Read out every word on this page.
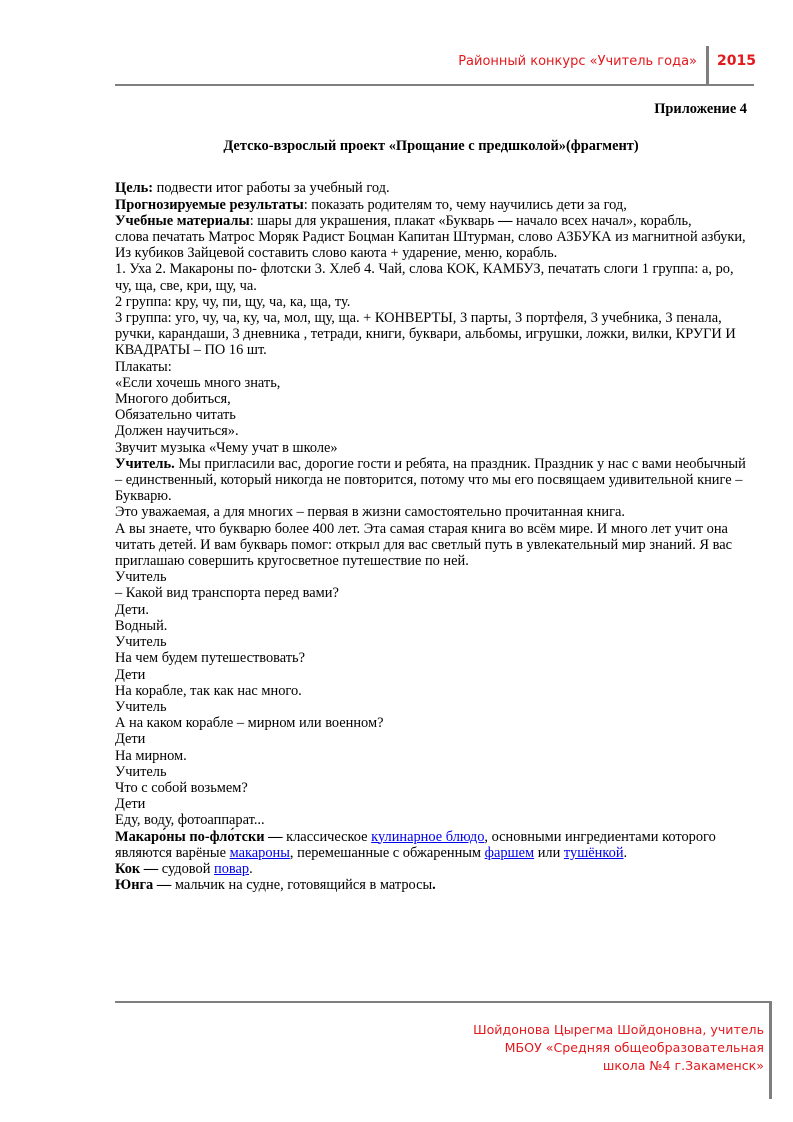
Районный конкурс «Учитель года» 2015

Приложение 4

Детско-взрослый проект «Прощание с предшколой»(фрагмент)

Цель: подвести итог работы за учебный год.

Прогнозируемые результаты: показать родителям то, чему научились дети за год,

Учебные материалы: шары для украшения, плакат «Букварь — начало всех начал», корабль,

слова печатать Матрос Моряк Радист Боцман Капитан Штурман, слово АЗБУКА из магнитной азбуки, Из кубиков Зайцевой составить слово каюта + ударение, меню, корабль.

1. Уха 2. Макароны по- флотски 3. Хлеб 4. Чай, слова КОК, КАМБУЗ, печатать слоги 1 группа: а, ро, чу, ща, све, кри, щу, ча.

2 группа: кру, чу, пи, щу, ча, ка, ща, ту.

3 группа: уго, чу, ча, ку, ча, мол, щу, ща. + КОНВЕРТЫ, 3 парты, 3 портфеля, 3 учебника, 3 пенала, ручки, карандаши, 3 дневника , тетради, книги, буквари, альбомы, игрушки, ложки, вилки, КРУГИ И КВАДРАТЫ – ПО 16 шт.

Плакаты:

«Если хочешь много знать,

Многого добиться,

Обязательно читать

Должен научиться».

Звучит музыка «Чему учат в школе»

Учитель. Мы пригласили вас, дорогие гости и ребята, на праздник. Праздник у нас с вами необычный – единственный, который никогда не повторится, потому что мы его посвящаем удивительной книге – Букварю.

Это уважаемая, а для многих – первая в жизни самостоятельно прочитанная книга.

А вы знаете, что букварю более 400 лет. Эта самая старая книга во всём мире. И много лет учит она читать детей. И вам букварь помог: открыл для вас светлый путь в увлекательный мир знаний. Я вас приглашаю совершить кругосветное путешествие по ней.

Учитель

– Какой вид транспорта перед вами?

Дети.

Водный.

Учитель

На чем будем путешествовать?

Дети

На корабле, так как нас много.

Учитель

А на каком корабле – мирном или военном?

Дети

На мирном.

Учитель

Что с собой возьмем?

Дети

Еду, воду, фотоаппарат...

Макаро́ны по-фло́тски — классическое кулинарное блюдо, основными ингредиентами которого являются варёные макароны, перемешанные с обжаренным фаршем или тушёнкой.

Кок — судовой повар.

Юнга — мальчик на судне, готовящийся в матросы.

Шойдонова Цырегма Шойдоновна, учитель
МБОУ «Средняя общеобразовательная
школа №4 г.Закаменск»
